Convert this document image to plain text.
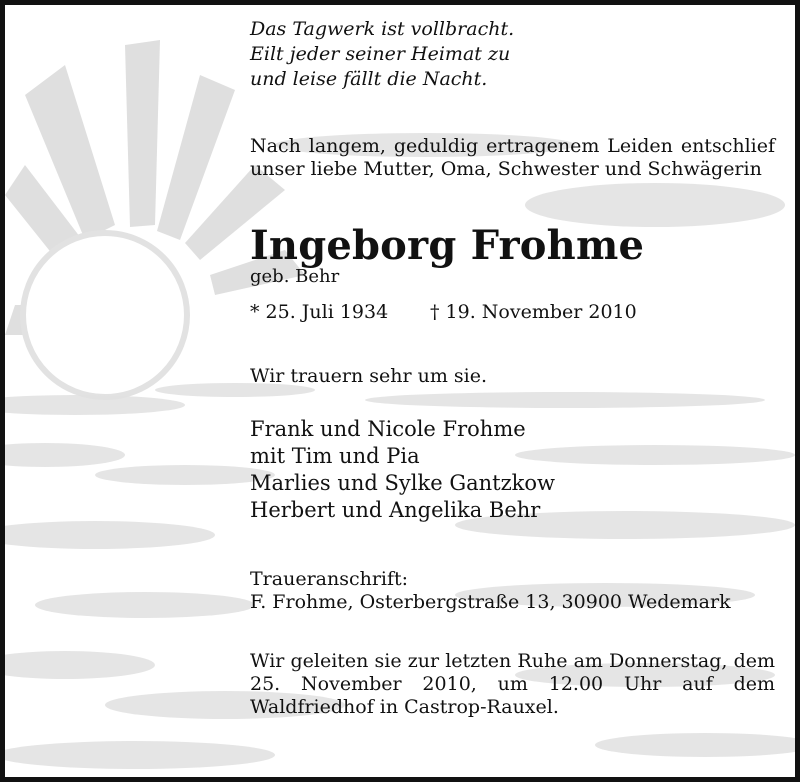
Das Tagwerk ist vollbracht.

Eilt jeder seiner Heimat zu

und leise fällt die Nacht.

Nach langem, geduldig ertragenem Leiden entschlief

unser liebe Mutter, Oma, Schwester und Schwägerin

Ingeborg Frohme
geb. Behr
* 25. Juli 1934	† 19. November 2010
Wir trauern sehr um sie.

Frank und Nicole Frohme

mit Tim und Pia

Marlies und Sylke Gantzkow

Herbert und Angelika Behr

Traueranschrift:

F. Frohme, Osterbergstraße 13, 30900 Wedemark

Wir geleiten sie zur letzten Ruhe am Donnerstag, dem

25. November 2010, um 12.00 Uhr auf dem

Waldfriedhof in Castrop-Rauxel.
